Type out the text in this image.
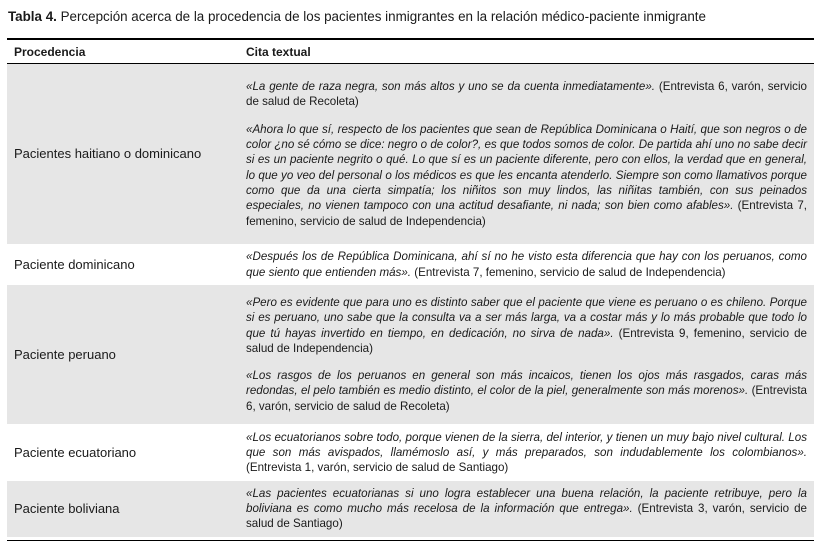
Tabla 4. Percepción acerca de la procedencia de los pacientes inmigrantes en la relación médico-paciente inmigrante
Procedencia	Cita textual
Pacientes haitiano o dominicano	«La gente de raza negra, son más altos y uno se da cuenta inmediatamente». (Entrevista 6, varón, servicio de salud de Recoleta)
«Ahora lo que sí, respecto de los pacientes que sean de República Dominicana o Haití, que son negros o de color ¿no sé cómo se dice: negro o de color?, es que todos somos de color. De partida ahí uno no sabe decir si es un paciente negrito o qué. Lo que sí es un paciente diferente, pero con ellos, la verdad que en general, lo que yo veo del personal o los médicos es que les encanta atenderlo. Siempre son como llamativos porque como que da una cierta simpatía; los niñitos son muy lindos, las niñitas también, con sus peinados especiales, no vienen tampoco con una actitud desafiante, ni nada; son bien como afables». (Entrevista 7, femenino, servicio de salud de Independencia)

Paciente dominicano	«Después los de República Dominicana, ahí sí no he visto esta diferencia que hay con los peruanos, como que siento que entienden más». (Entrevista 7, femenino, servicio de salud de Independencia)

Paciente peruano	«Pero es evidente que para uno es distinto saber que el paciente que viene es peruano o es chileno. Porque si es peruano, uno sabe que la consulta va a ser más larga, va a costar más y lo más probable que todo lo que tú hayas invertido en tiempo, en dedicación, no sirva de nada». (Entrevista 9, femenino, servicio de salud de Independencia)
«Los rasgos de los peruanos en general son más incaicos, tienen los ojos más rasgados, caras más redondas, el pelo también es medio distinto, el color de la piel, generalmente son más morenos». (Entrevista 6, varón, servicio de salud de Recoleta)

Paciente ecuatoriano	«Los ecuatorianos sobre todo, porque vienen de la sierra, del interior, y tienen un muy bajo nivel cultural. Los que son más avispados, llamémoslo así, y más preparados, son indudablemente los colombianos». (Entrevista 1, varón, servicio de salud de Santiago)

Paciente boliviana	«Las pacientes ecuatorianas si uno logra establecer una buena relación, la paciente retribuye, pero la boliviana es como mucho más recelosa de la información que entrega». (Entrevista 3, varón, servicio de salud de Santiago)
